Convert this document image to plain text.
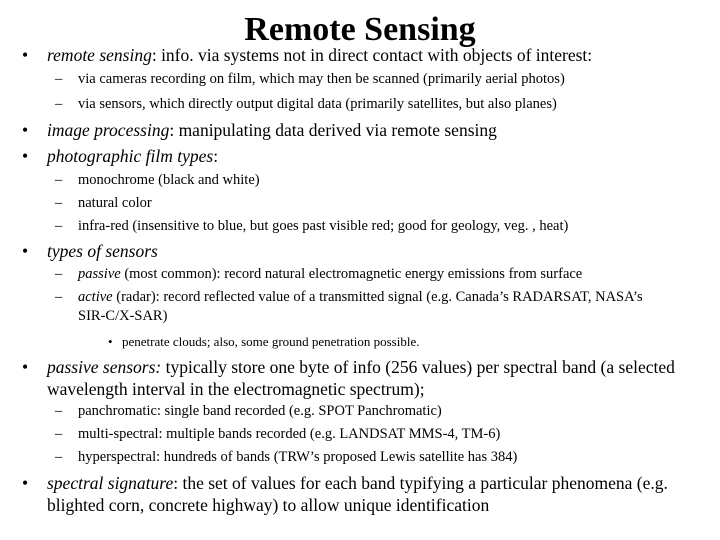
Remote Sensing
• remote sensing: info. via systems not in direct contact with objects of interest:
– via cameras recording on film, which may then be scanned (primarily aerial photos)
– via sensors, which directly output digital data (primarily satellites, but also planes)
• image processing: manipulating data derived via remote sensing
• photographic film types:
– monochrome (black and white)
– natural color
– infra-red (insensitive to blue, but goes past visible red; good for geology, veg. , heat)
• types of sensors
– passive (most common): record natural electromagnetic energy emissions from surface
– active (radar): record reflected value of a transmitted signal (e.g. Canada’s RADARSAT, NASA’s SIR-C/X-SAR)
• penetrate clouds; also, some ground penetration possible.
• passive sensors: typically store one byte of info (256 values) per spectral band (a selected wavelength interval in the electromagnetic spectrum);
– panchromatic: single band recorded (e.g. SPOT Panchromatic)
– multi-spectral: multiple bands recorded (e.g. LANDSAT MMS-4, TM-6)
– hyperspectral: hundreds of bands (TRW’s proposed Lewis satellite has 384)
• spectral signature: the set of values for each band typifying a particular phenomena (e.g. blighted corn, concrete highway) to allow unique identification
